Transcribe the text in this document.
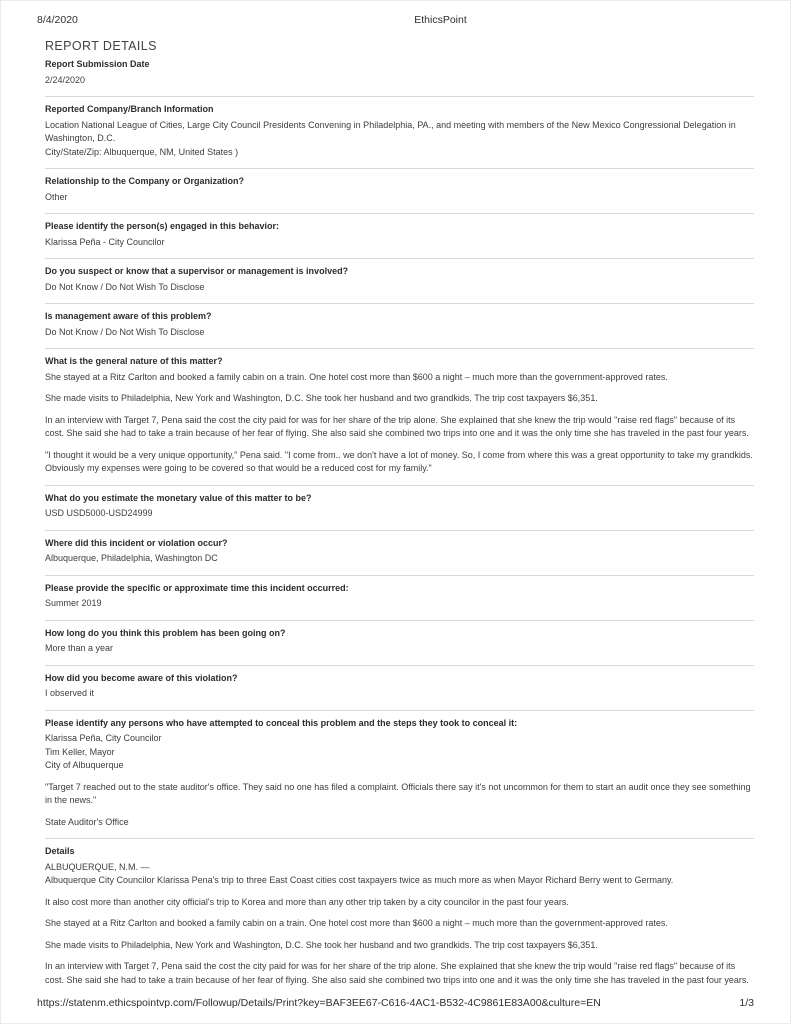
8/4/2020	EthicsPoint
REPORT DETAILS
Report Submission Date
2/24/2020
Reported Company/Branch Information
Location National League of Cities, Large City Council Presidents Convening in Philadelphia, PA., and meeting with members of the New Mexico Congressional Delegation in Washington, D.C.
City/State/Zip: Albuquerque, NM, United States )
Relationship to the Company or Organization?
Other
Please identify the person(s) engaged in this behavior:
Klarissa Peña - City Councilor
Do you suspect or know that a supervisor or management is involved?
Do Not Know / Do Not Wish To Disclose
Is management aware of this problem?
Do Not Know / Do Not Wish To Disclose
What is the general nature of this matter?
She stayed at a Ritz Carlton and booked a family cabin on a train. One hotel cost more than $600 a night – much more than the government-approved rates.
She made visits to Philadelphia, New York and Washington, D.C. She took her husband and two grandkids. The trip cost taxpayers $6,351.
In an interview with Target 7, Pena said the cost the city paid for was for her share of the trip alone. She explained that she knew the trip would "raise red flags" because of its cost. She said she had to take a train because of her fear of flying. She also said she combined two trips into one and it was the only time she has traveled in the past four years.
"I thought it would be a very unique opportunity," Pena said. "I come from.. we don't have a lot of money. So, I come from where this was a great opportunity to take my grandkids. Obviously my expenses were going to be covered so that would be a reduced cost for my family."
What do you estimate the monetary value of this matter to be?
USD USD5000-USD24999
Where did this incident or violation occur?
Albuquerque, Philadelphia, Washington DC
Please provide the specific or approximate time this incident occurred:
Summer 2019
How long do you think this problem has been going on?
More than a year
How did you become aware of this violation?
I observed it
Please identify any persons who have attempted to conceal this problem and the steps they took to conceal it:
Klarissa Peña, City Councilor
Tim Keller, Mayor
City of Albuquerque
"Target 7 reached out to the state auditor's office. They said no one has filed a complaint. Officials there say it's not uncommon for them to start an audit once they see something in the news."
State Auditor's Office
Details
ALBUQUERQUE, N.M. —
Albuquerque City Councilor Klarissa Pena's trip to three East Coast cities cost taxpayers twice as much more as when Mayor Richard Berry went to Germany.
It also cost more than another city official's trip to Korea and more than any other trip taken by a city councilor in the past four years.
She stayed at a Ritz Carlton and booked a family cabin on a train. One hotel cost more than $600 a night – much more than the government-approved rates.
She made visits to Philadelphia, New York and Washington, D.C. She took her husband and two grandkids. The trip cost taxpayers $6,351.
In an interview with Target 7, Pena said the cost the city paid for was for her share of the trip alone. She explained that she knew the trip would "raise red flags" because of its cost. She said she had to take a train because of her fear of flying. She also said she combined two trips into one and it was the only time she has traveled in the past four years.
https://statenm.ethicspointvp.com/Followup/Details/Print?key=BAF3EE67-C616-4AC1-B532-4C9861E83A00&culture=EN	1/3
